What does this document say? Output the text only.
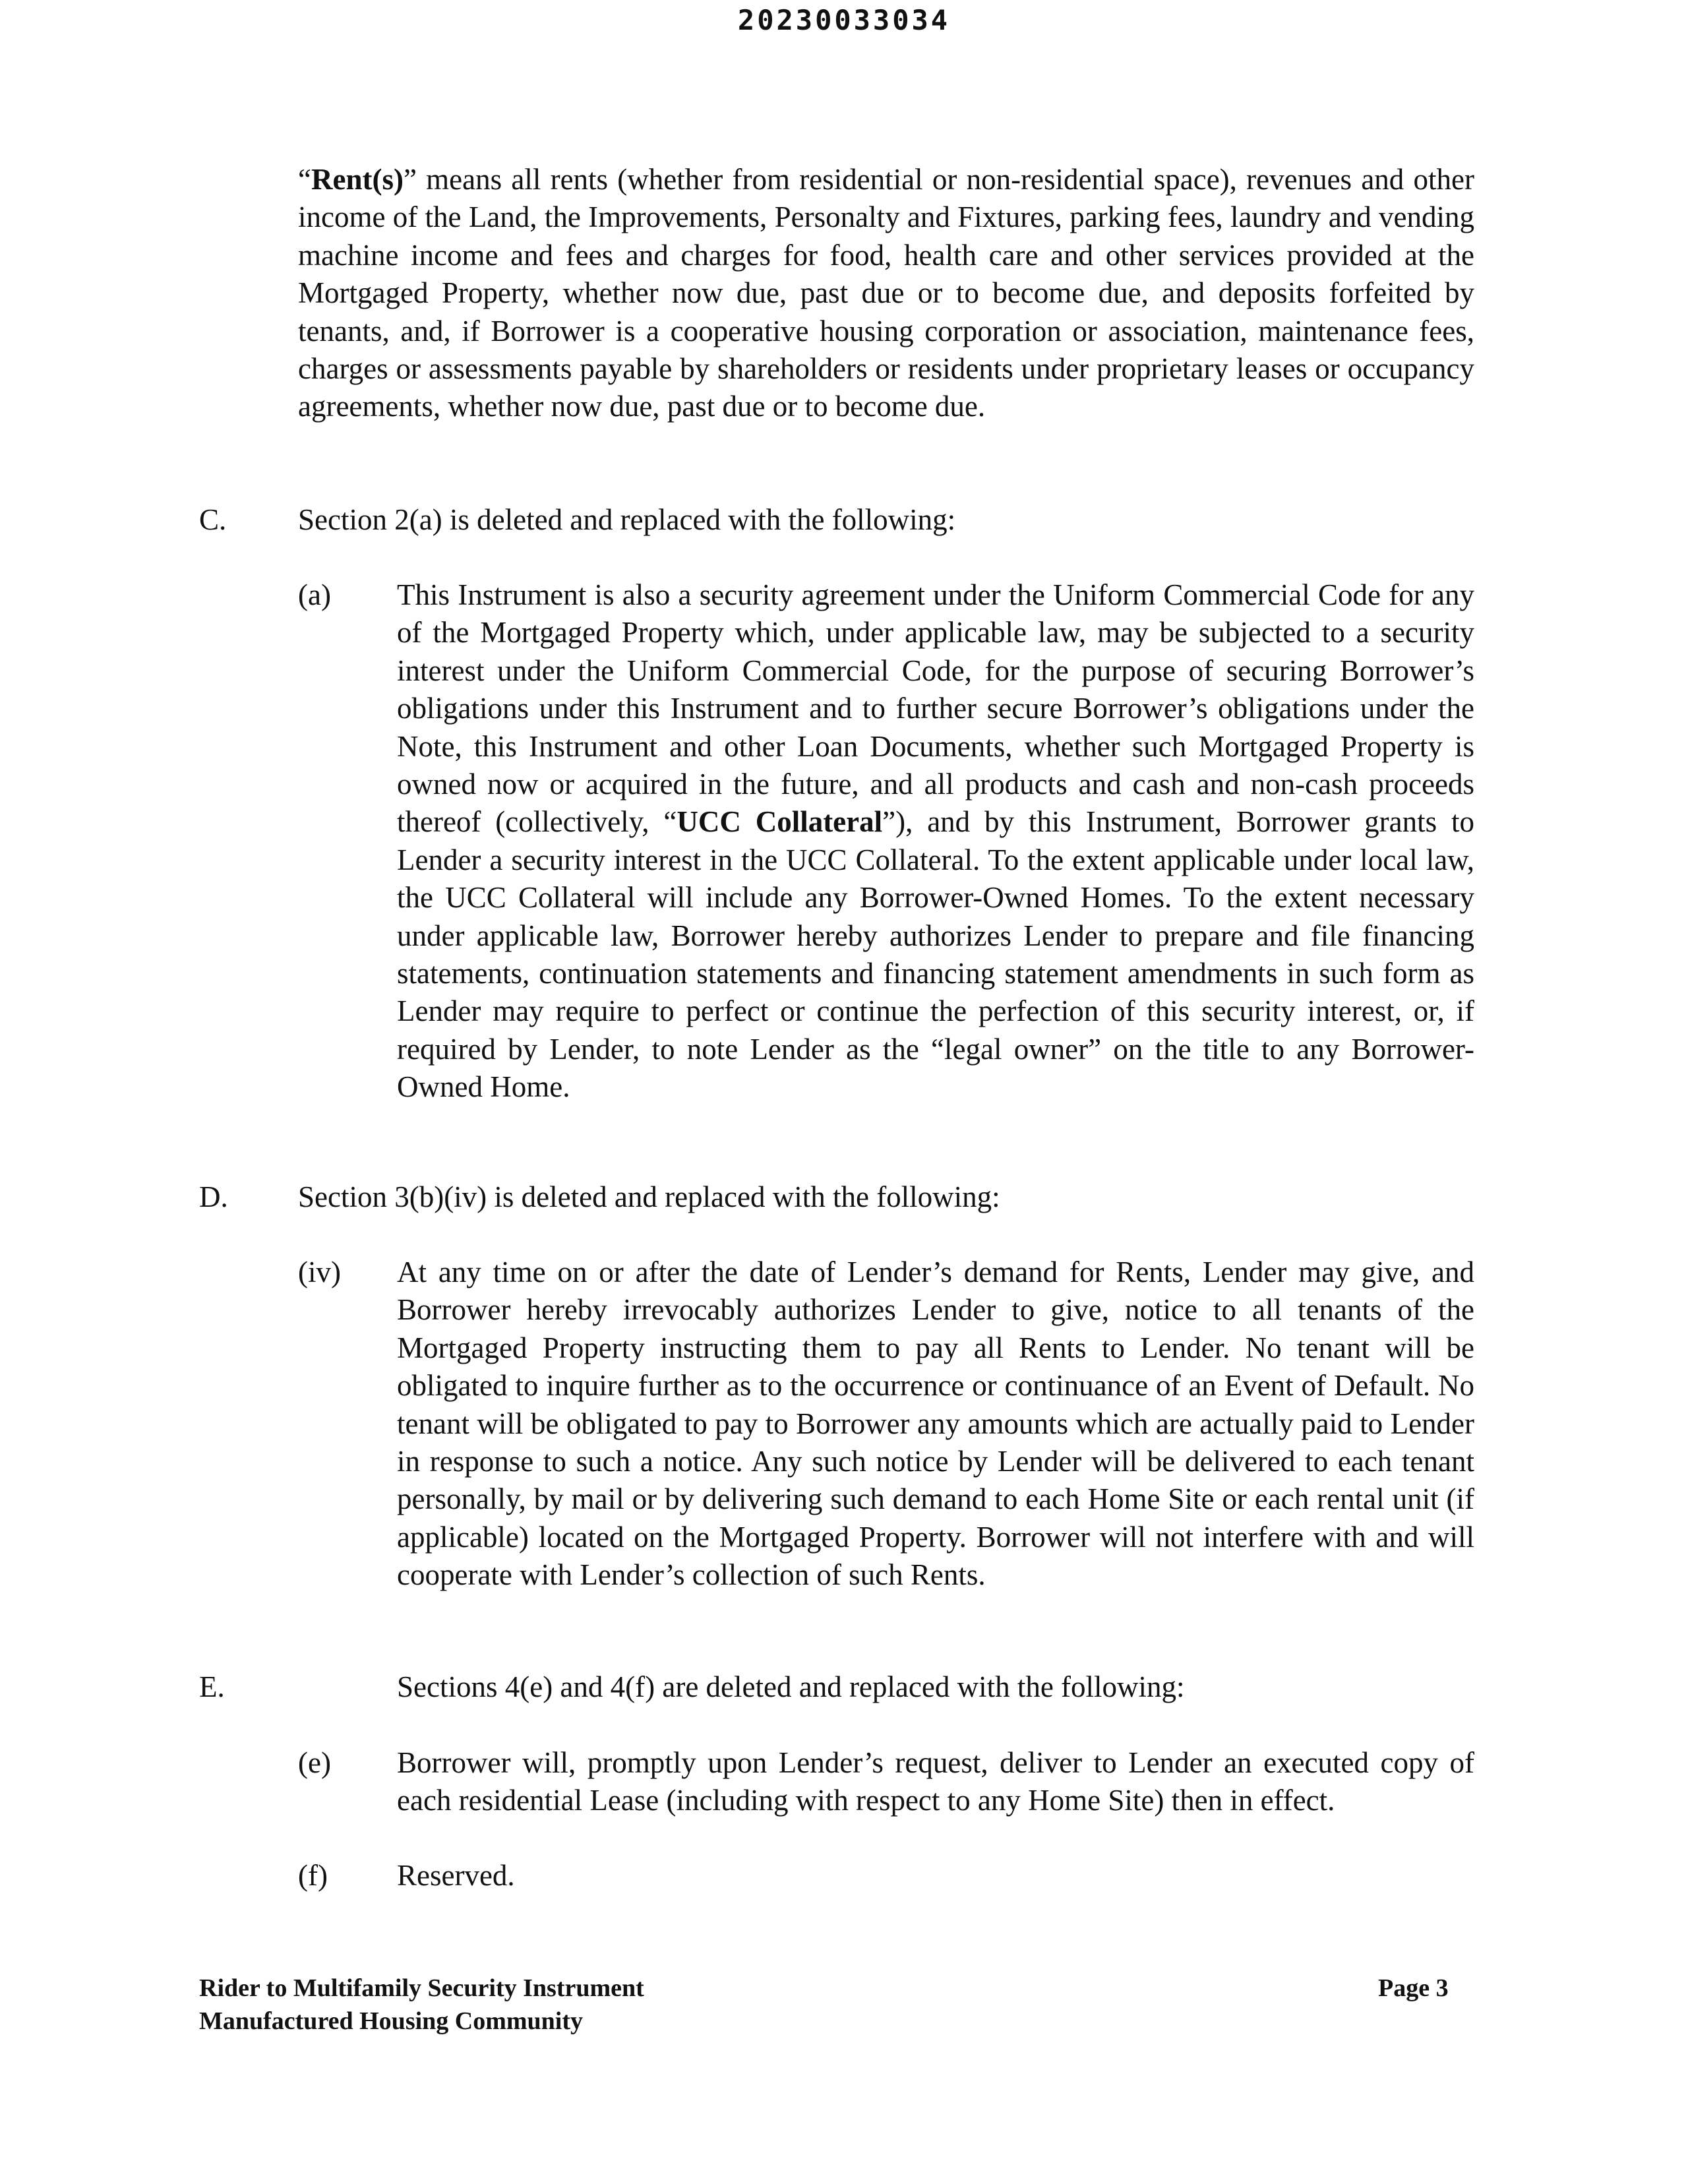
20230033034

“Rent(s)” means all rents (whether from residential or non-residential space), revenues and other income of the Land, the Improvements, Personalty and Fixtures, parking fees, laundry and vending machine income and fees and charges for food, health care and other services provided at the Mortgaged Property, whether now due, past due or to become due, and deposits forfeited by tenants, and, if Borrower is a cooperative housing corporation or association, maintenance fees, charges or assessments payable by shareholders or residents under proprietary leases or occupancy agreements, whether now due, past due or to become due.

C. Section 2(a) is deleted and replaced with the following:
(a) This Instrument is also a security agreement under the Uniform Commercial Code for any of the Mortgaged Property which, under applicable law, may be subjected to a security interest under the Uniform Commercial Code, for the purpose of securing Borrower’s obligations under this Instrument and to further secure Borrower’s obligations under the Note, this Instrument and other Loan Documents, whether such Mortgaged Property is owned now or acquired in the future, and all products and cash and non-cash proceeds thereof (collectively, “UCC Collateral”), and by this Instrument, Borrower grants to Lender a security interest in the UCC Collateral. To the extent applicable under local law, the UCC Collateral will include any Borrower-Owned Homes. To the extent necessary under applicable law, Borrower hereby authorizes Lender to prepare and file financing statements, continuation statements and financing statement amendments in such form as Lender may require to perfect or continue the perfection of this security interest, or, if required by Lender, to note Lender as the “legal owner” on the title to any Borrower-Owned Home.

D. Section 3(b)(iv) is deleted and replaced with the following:
(iv) At any time on or after the date of Lender’s demand for Rents, Lender may give, and Borrower hereby irrevocably authorizes Lender to give, notice to all tenants of the Mortgaged Property instructing them to pay all Rents to Lender. No tenant will be obligated to inquire further as to the occurrence or continuance of an Event of Default. No tenant will be obligated to pay to Borrower any amounts which are actually paid to Lender in response to such a notice. Any such notice by Lender will be delivered to each tenant personally, by mail or by delivering such demand to each Home Site or each rental unit (if applicable) located on the Mortgaged Property. Borrower will not interfere with and will cooperate with Lender’s collection of such Rents.

E.	Sections 4(e) and 4(f) are deleted and replaced with the following:
(e) Borrower will, promptly upon Lender’s request, deliver to Lender an executed copy of each residential Lease (including with respect to any Home Site) then in effect.

(f) Reserved.
Rider to Multifamily Security Instrument
Manufactured Housing Community
Page 3
